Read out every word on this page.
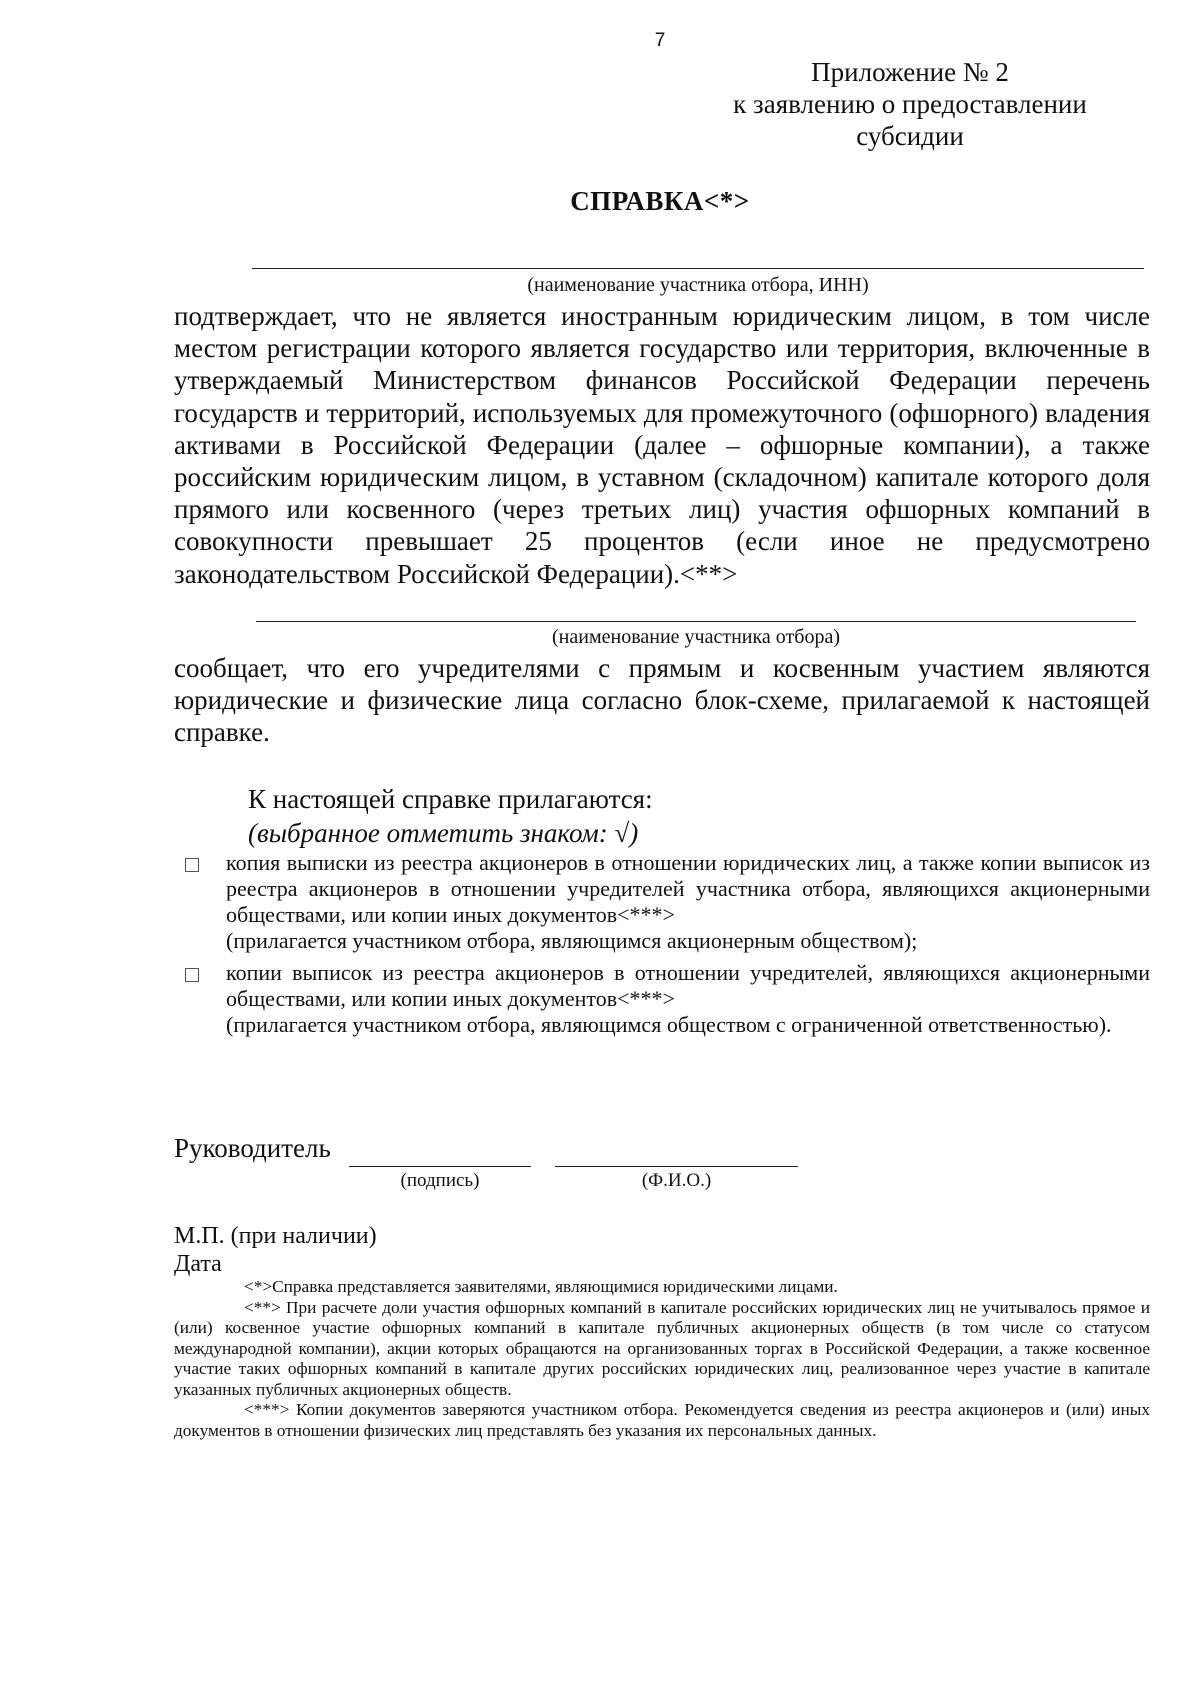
7
Приложение № 2
к заявлению о предоставлении
субсидии
СПРАВКА<*>
(наименование участника отбора, ИНН)
подтверждает, что не является иностранным юридическим лицом, в том числе местом регистрации которого является государство или территория, включенные в утверждаемый Министерством финансов Российской Федерации перечень государств и территорий, используемых для промежуточного (офшорного) владения активами в Российской Федерации (далее – офшорные компании), а также российским юридическим лицом, в уставном (складочном) капитале которого доля прямого или косвенного (через третьих лиц) участия офшорных компаний в совокупности превышает 25 процентов (если иное не предусмотрено законодательством Российской Федерации).<**>
(наименование участника отбора)
сообщает, что его учредителями с прямым и косвенным участием являются юридические и физические лица согласно блок-схеме, прилагаемой к настоящей справке.
К настоящей справке прилагаются:
(выбранное отметить знаком: √)
копия выписки из реестра акционеров в отношении юридических лиц, а также копии выписок из реестра акционеров в отношении учредителей участника отбора, являющихся акционерными обществами, или копии иных документов<***>
(прилагается участником отбора, являющимся акционерным обществом);
копии выписок из реестра акционеров в отношении учредителей, являющихся акционерными обществами, или копии иных документов<***>
(прилагается участником отбора, являющимся обществом с ограниченной ответственностью).
Руководитель
(подпись)	(Ф.И.О.)
М.П. (при наличии)
Дата

<*>Справка представляется заявителями, являющимися юридическими лицами.

<**> При расчете доли участия офшорных компаний в капитале российских юридических лиц не учитывалось прямое и (или) косвенное участие офшорных компаний в капитале публичных акционерных обществ (в том числе со статусом международной компании), акции которых обращаются на организованных торгах в Российской Федерации, а также косвенное участие таких офшорных компаний в капитале других российских юридических лиц, реализованное через участие в капитале указанных публичных акционерных обществ.

<***> Копии документов заверяются участником отбора. Рекомендуется сведения из реестра акционеров и (или) иных документов в отношении физических лиц представлять без указания их персональных данных.
